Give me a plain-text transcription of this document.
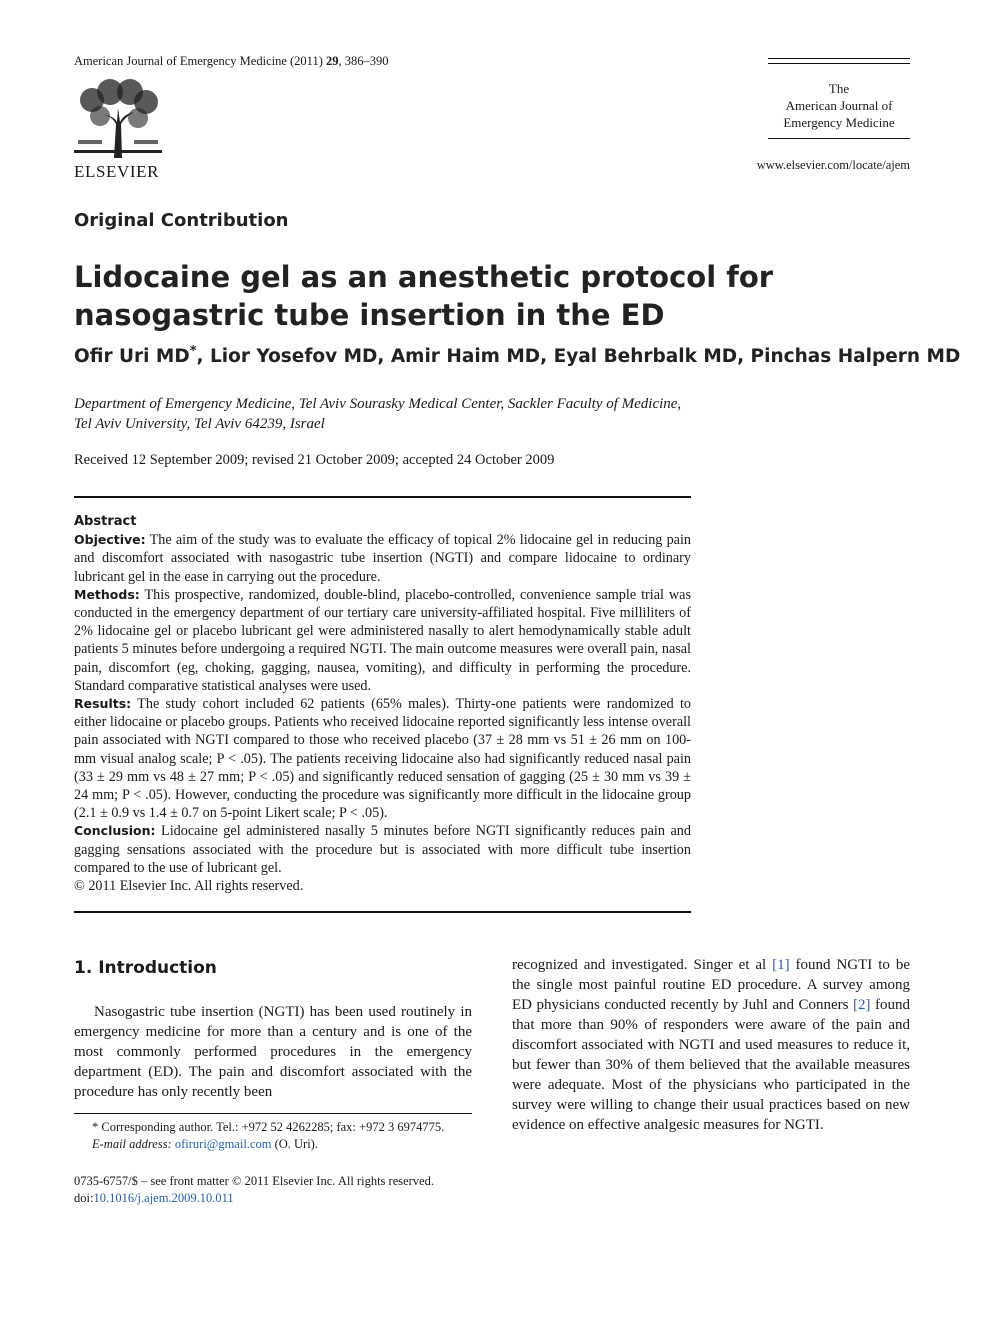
American Journal of Emergency Medicine (2011) 29, 386–390
ELSEVIER
The
American Journal of
Emergency Medicine
www.elsevier.com/locate/ajem
Original Contribution
Lidocaine gel as an anesthetic protocol for nasogastric tube insertion in the ED
Ofir Uri MD*, Lior Yosefov MD, Amir Haim MD, Eyal Behrbalk MD, Pinchas Halpern MD
Department of Emergency Medicine, Tel Aviv Sourasky Medical Center, Sackler Faculty of Medicine,
Tel Aviv University, Tel Aviv 64239, Israel
Received 12 September 2009; revised 21 October 2009; accepted 24 October 2009
Abstract

Objective: The aim of the study was to evaluate the efficacy of topical 2% lidocaine gel in reducing pain and discomfort associated with nasogastric tube insertion (NGTI) and compare lidocaine to ordinary lubricant gel in the ease in carrying out the procedure.

Methods: This prospective, randomized, double-blind, placebo-controlled, convenience sample trial was conducted in the emergency department of our tertiary care university-affiliated hospital. Five milliliters of 2% lidocaine gel or placebo lubricant gel were administered nasally to alert hemodynamically stable adult patients 5 minutes before undergoing a required NGTI. The main outcome measures were overall pain, nasal pain, discomfort (eg, choking, gagging, nausea, vomiting), and difficulty in performing the procedure. Standard comparative statistical analyses were used.

Results: The study cohort included 62 patients (65% males). Thirty-one patients were randomized to either lidocaine or placebo groups. Patients who received lidocaine reported significantly less intense overall pain associated with NGTI compared to those who received placebo (37 ± 28 mm vs 51 ± 26 mm on 100-mm visual analog scale; P < .05). The patients receiving lidocaine also had significantly reduced nasal pain (33 ± 29 mm vs 48 ± 27 mm; P < .05) and significantly reduced sensation of gagging (25 ± 30 mm vs 39 ± 24 mm; P < .05). However, conducting the procedure was significantly more difficult in the lidocaine group (2.1 ± 0.9 vs 1.4 ± 0.7 on 5-point Likert scale; P < .05).

Conclusion: Lidocaine gel administered nasally 5 minutes before NGTI significantly reduces pain and gagging sensations associated with the procedure but is associated with more difficult tube insertion compared to the use of lubricant gel.

© 2011 Elsevier Inc. All rights reserved.

1. Introduction

Nasogastric tube insertion (NGTI) has been used routinely in emergency medicine for more than a century and is one of the most commonly performed procedures in the emergency department (ED). The pain and discomfort associated with the procedure has only recently been

recognized and investigated. Singer et al [1] found NGTI to be the single most painful routine ED procedure. A survey among ED physicians conducted recently by Juhl and Conners [2] found that more than 90% of responders were aware of the pain and discomfort associated with NGTI and used measures to reduce it, but fewer than 30% of them believed that the available measures were adequate. Most of the physicians who participated in the survey were willing to change their usual practices based on new evidence on effective analgesic measures for NGTI.

* Corresponding author. Tel.: +972 52 4262285; fax: +972 3 6974775.

E-mail address: ofiruri@gmail.com (O. Uri).

0735-6757/$ – see front matter © 2011 Elsevier Inc. All rights reserved.

doi:10.1016/j.ajem.2009.10.011
